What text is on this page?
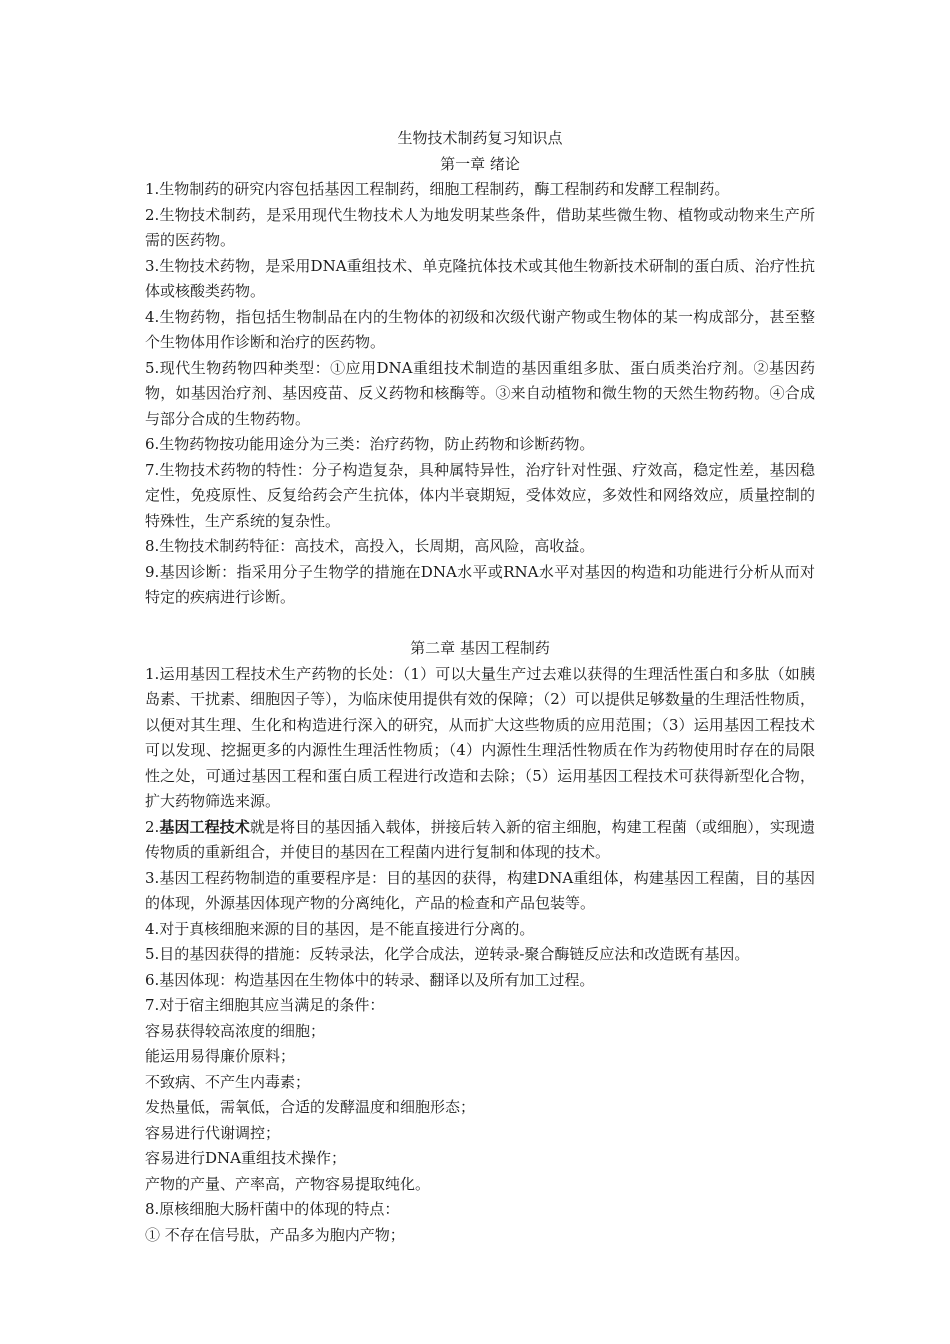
生物技术制药复习知识点
第一章 绪论
1.生物制药的研究内容包括基因工程制药，细胞工程制药，酶工程制药和发酵工程制药。
2.生物技术制药，是采用现代生物技术人为地发明某些条件，借助某些微生物、植物或动物来生产所需的医药物。
3.生物技术药物，是采用DNA重组技术、单克隆抗体技术或其他生物新技术研制的蛋白质、治疗性抗体或核酸类药物。
4.生物药物，指包括生物制品在内的生物体的初级和次级代谢产物或生物体的某一构成部分，甚至整个生物体用作诊断和治疗的医药物。
5.现代生物药物四种类型：①应用DNA重组技术制造的基因重组多肽、蛋白质类治疗剂。②基因药物，如基因治疗剂、基因疫苗、反义药物和核酶等。③来自动植物和微生物的天然生物药物。④合成与部分合成的生物药物。
6.生物药物按功能用途分为三类：治疗药物，防止药物和诊断药物。
7.生物技术药物的特性：分子构造复杂，具种属特异性，治疗针对性强、疗效高，稳定性差，基因稳定性，免疫原性、反复给药会产生抗体，体内半衰期短，受体效应，多效性和网络效应，质量控制的特殊性，生产系统的复杂性。
8.生物技术制药特征：高技术，高投入，长周期，高风险，高收益。
9.基因诊断：指采用分子生物学的措施在DNA水平或RNA水平对基因的构造和功能进行分析从而对特定的疾病进行诊断。
第二章 基因工程制药
1.运用基因工程技术生产药物的长处：（1）可以大量生产过去难以获得的生理活性蛋白和多肽（如胰岛素、干扰素、细胞因子等），为临床使用提供有效的保障；（2）可以提供足够数量的生理活性物质，以便对其生理、生化和构造进行深入的研究，从而扩大这些物质的应用范围；（3）运用基因工程技术可以发现、挖掘更多的内源性生理活性物质；（4）内源性生理活性物质在作为药物使用时存在的局限性之处，可通过基因工程和蛋白质工程进行改造和去除；（5）运用基因工程技术可获得新型化合物，扩大药物筛选来源。
2.基因工程技术就是将目的基因插入载体，拼接后转入新的宿主细胞，构建工程菌（或细胞），实现遗传物质的重新组合，并使目的基因在工程菌内进行复制和体现的技术。
3.基因工程药物制造的重要程序是：目的基因的获得，构建DNA重组体，构建基因工程菌，目的基因的体现，外源基因体现产物的分离纯化，产品的检查和产品包装等。
4.对于真核细胞来源的目的基因，是不能直接进行分离的。
5.目的基因获得的措施：反转录法，化学合成法，逆转录-聚合酶链反应法和改造既有基因。
6.基因体现：构造基因在生物体中的转录、翻译以及所有加工过程。
7.对于宿主细胞其应当满足的条件：
容易获得较高浓度的细胞；
能运用易得廉价原料；
不致病、不产生内毒素；
发热量低，需氧低，合适的发酵温度和细胞形态；
容易进行代谢调控；
容易进行DNA重组技术操作；
产物的产量、产率高，产物容易提取纯化。
8.原核细胞大肠杆菌中的体现的特点：
① 不存在信号肽，产品多为胞内产物；
